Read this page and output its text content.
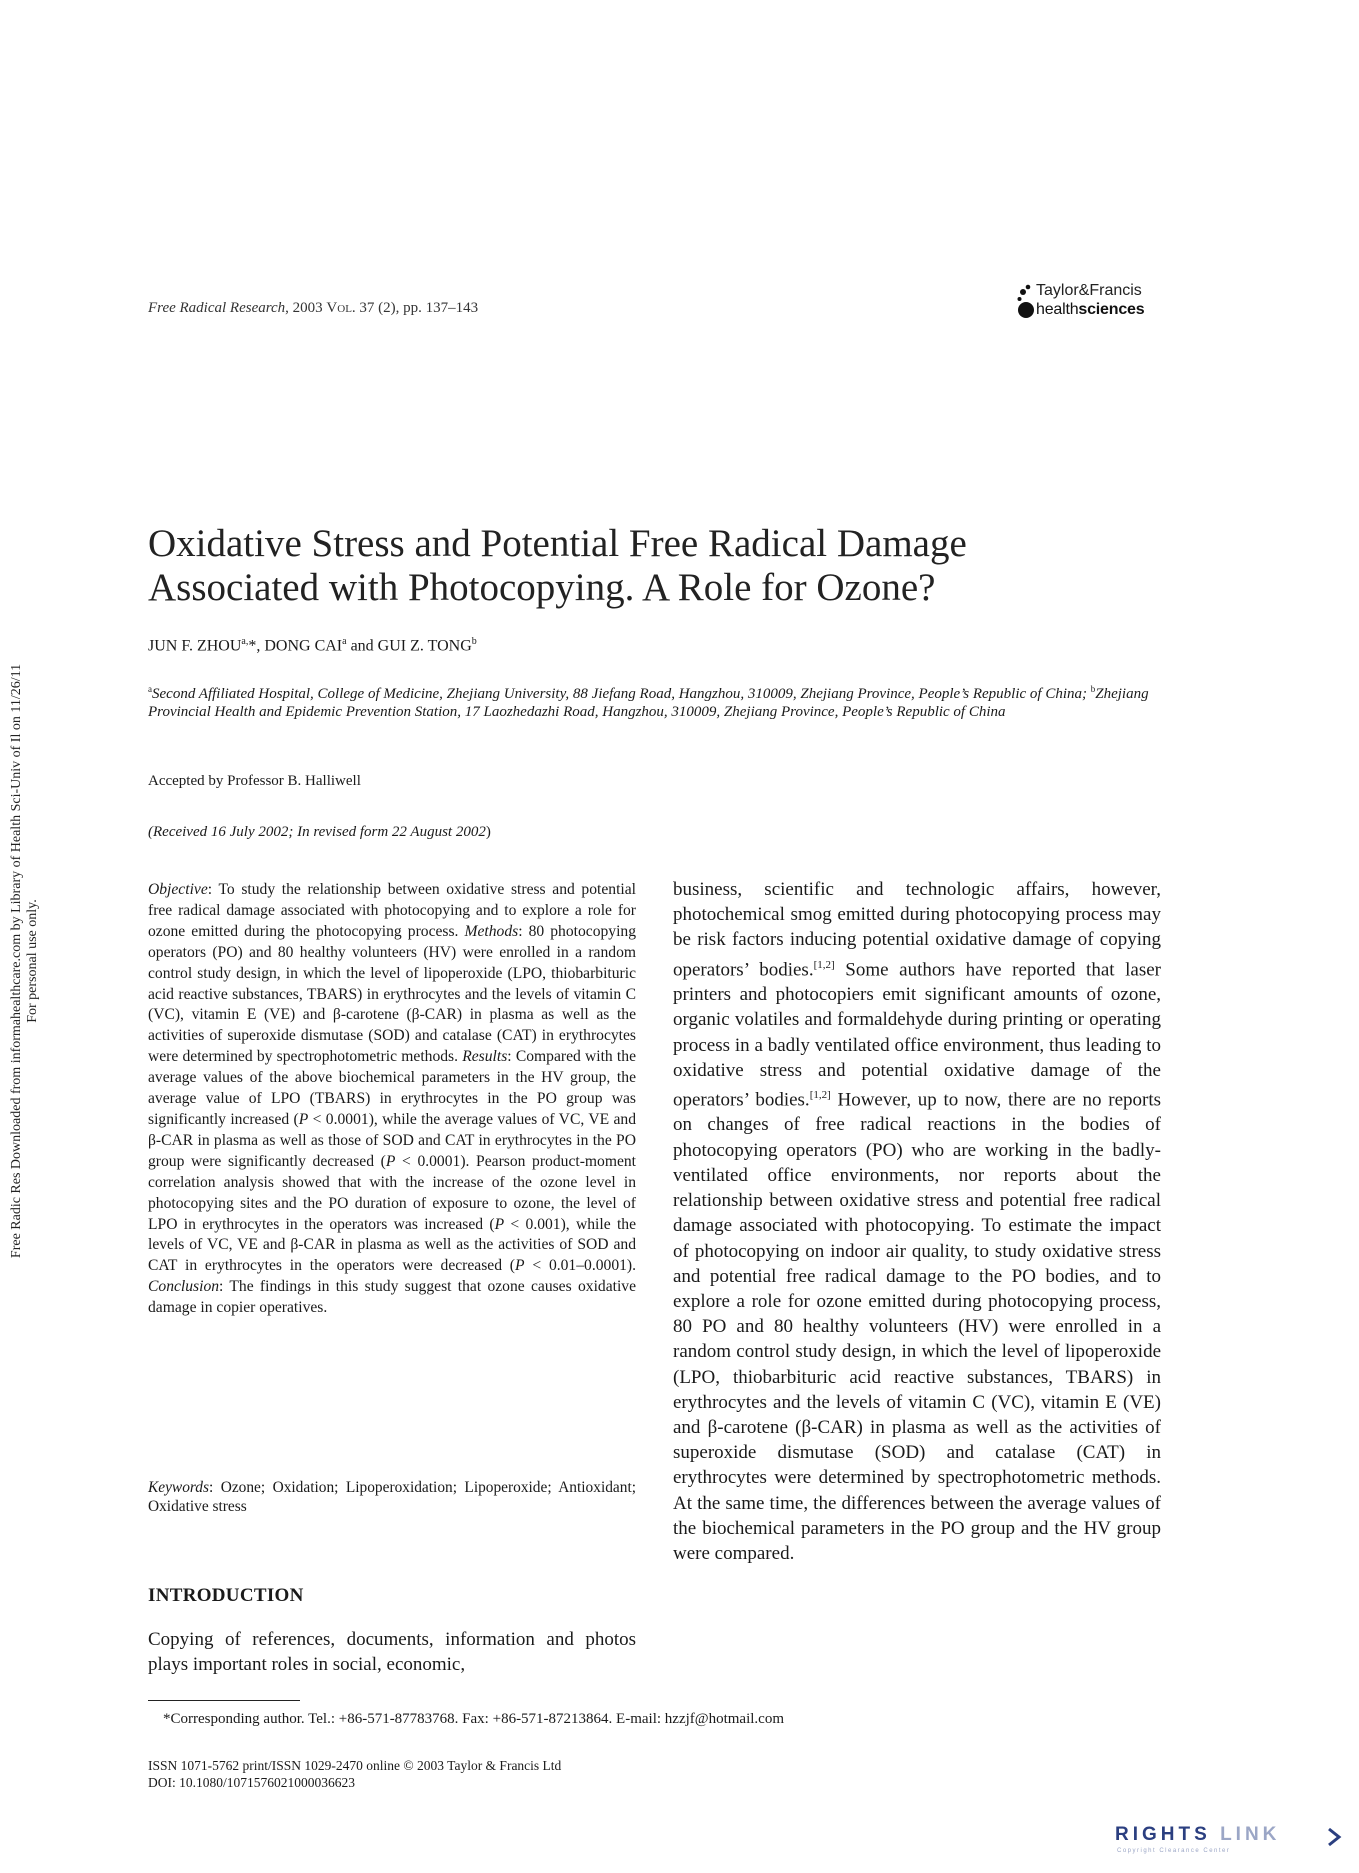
Free Radic Res Downloaded from informahealthcare.com by Library of Health Sci-Univ of Il on 11/26/11 For personal use only.
Free Radical Research, 2003 Vol. 37 (2), pp. 137–143
Taylor&Francis
healthsciences
Oxidative Stress and Potential Free Radical Damage
Associated with Photocopying. A Role for Ozone?
JUN F. $ZHOU^{a,}*$, DONG CAI$^a$ and GUI Z. TONG$^b$
$^a$Second Affiliated Hospital, College of Medicine, Zhejiang University, 88 Jiefang Road, Hangzhou, 310009, Zhejiang Province, People’s Republic of China; $^b$Zhejiang Provincial Health and Epidemic Prevention Station, 17 Laozhedazhi Road, Hangzhou, 310009, Zhejiang Province, People’s Republic of China
Accepted by Professor B. Halliwell
(Received 16 July 2002; In revised form 22 August 2002)
Objective: To study the relationship between oxidative stress and potential free radical damage associated with photocopying and to explore a role for ozone emitted during the photocopying process. Methods: 80 photocopying operators (PO) and 80 healthy volunteers (HV) were enrolled in a random control study design, in which the level of lipoperoxide (LPO, thiobarbituric acid reactive substances, TBARS) in erythrocytes and the levels of vitamin C (VC), vitamin E (VE) and β-carotene (β-CAR) in plasma as well as the activities of superoxide dismutase (SOD) and catalase (CAT) in erythrocytes were determined by spectrophotometric methods. Results: Compared with the average values of the above biochemical parameters in the HV group, the average value of LPO (TBARS) in erythrocytes in the PO group was significantly increased (P < 0.0001), while the average values of VC, VE and β-CAR in plasma as well as those of SOD and CAT in erythrocytes in the PO group were significantly decreased (P < 0.0001). Pearson product-moment correlation analysis showed that with the increase of the ozone level in photocopying sites and the PO duration of exposure to ozone, the level of LPO in erythrocytes in the operators was increased (P < 0.001), while the levels of VC, VE and β-CAR in plasma as well as the activities of SOD and CAT in erythrocytes in the operators were decreased (P < 0.01–0.0001). Conclusion: The findings in this study suggest that ozone causes oxidative damage in copier operatives.
Keywords: Ozone; Oxidation; Lipoperoxidation; Lipoperoxide; Antioxidant; Oxidative stress
INTRODUCTION
Copying of references, documents, information and photos plays important roles in social, economic,
business, scientific and technologic affairs, however, photochemical smog emitted during photocopying process may be risk factors inducing potential oxidative damage of copying operators’ bodies.[1,2] Some authors have reported that laser printers and photocopiers emit significant amounts of ozone, organic volatiles and formaldehyde during printing or operating process in a badly ventilated office environment, thus leading to oxidative stress and potential oxidative damage of the operators’ bodies.[1,2] However, up to now, there are no reports on changes of free radical reactions in the bodies of photocopying operators (PO) who are working in the badly-ventilated office environments, nor reports about the relationship between oxidative stress and potential free radical damage associated with photocopying. To estimate the impact of photocopying on indoor air quality, to study oxidative stress and potential free radical damage to the PO bodies, and to explore a role for ozone emitted during photocopying process, 80 PO and 80 healthy volunteers (HV) were enrolled in a random control study design, in which the level of lipoperoxide (LPO, thiobarbituric acid reactive substances, TBARS) in erythrocytes and the levels of vitamin C (VC), vitamin E (VE) and β-carotene (β-CAR) in plasma as well as the activities of superoxide dismutase (SOD) and catalase (CAT) in erythrocytes were determined by spectrophotometric methods. At the same time, the differences between the average values of the biochemical parameters in the PO group and the HV group were compared.
*Corresponding author. Tel.: +86-571-87783768. Fax: +86-571-87213864. E-mail: hzzjf@hotmail.com
ISSN 1071-5762 print/ISSN 1029-2470 online © 2003 Taylor & Francis Ltd
DOI: 10.1080/1071576021000036623
RIGHTS LINK
Copyright Clearance Center
